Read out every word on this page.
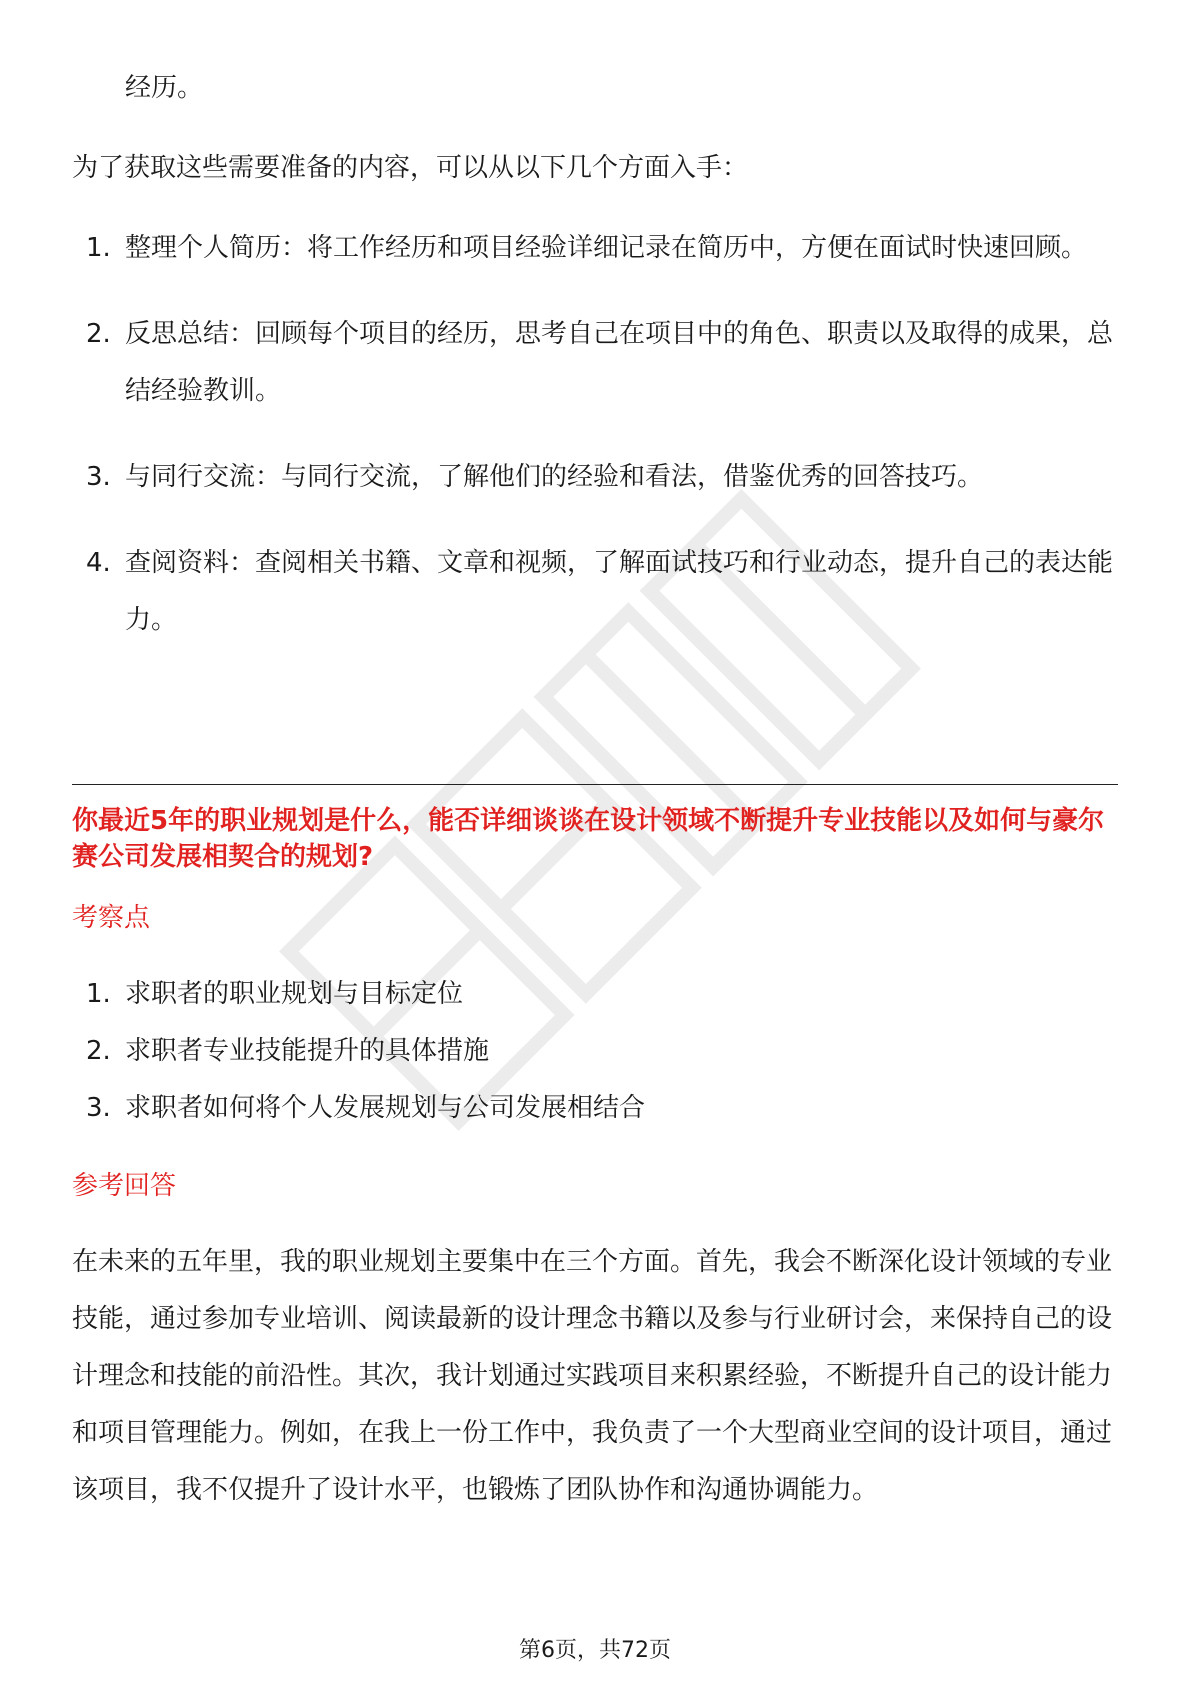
经历。

为了获取这些需要准备的内容，可以从以下几个方面入手：

1. 整理个人简历：将工作经历和项目经验详细记录在简历中，方便在面试时快速回顾。
2. 反思总结：回顾每个项目的经历，思考自己在项目中的角色、职责以及取得的成果，总结经验教训。
3. 与同行交流：与同行交流，了解他们的经验和看法，借鉴优秀的回答技巧。
4. 查阅资料：查阅相关书籍、文章和视频，了解面试技巧和行业动态，提升自己的表达能力。

你最近5年的职业规划是什么，能否详细谈谈在设计领域不断提升专业技能以及如何与豪尔赛公司发展相契合的规划?

考察点

1. 求职者的职业规划与目标定位
2. 求职者专业技能提升的具体措施
3. 求职者如何将个人发展规划与公司发展相结合

参考回答

在未来的五年里，我的职业规划主要集中在三个方面。首先，我会不断深化设计领域的专业技能，通过参加专业培训、阅读最新的设计理念书籍以及参与行业研讨会，来保持自己的设计理念和技能的前沿性。其次，我计划通过实践项目来积累经验，不断提升自己的设计能力和项目管理能力。例如，在我上一份工作中，我负责了一个大型商业空间的设计项目，通过该项目，我不仅提升了设计水平，也锻炼了团队协作和沟通协调能力。

第6页，共72页
